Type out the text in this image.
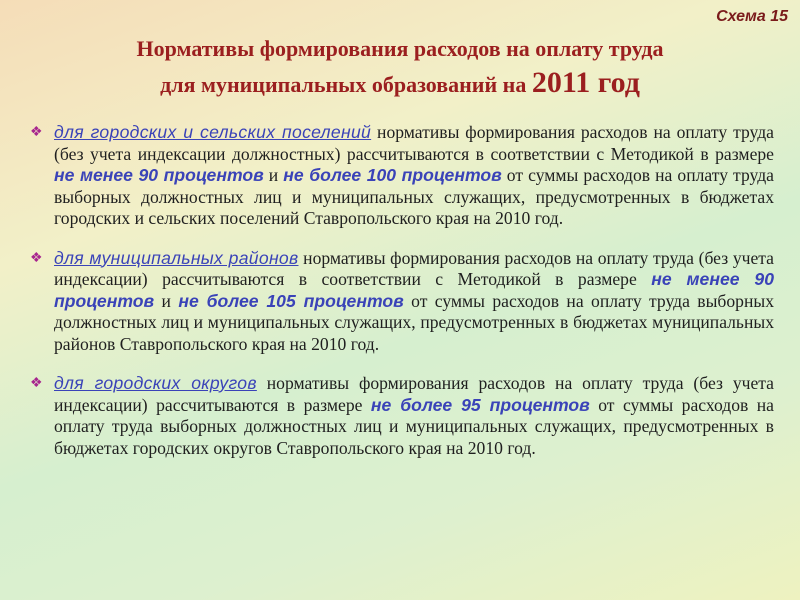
Схема 15
Нормативы формирования расходов на оплату труда
для муниципальных образований на 2011 год
❖ для городских и сельских поселений нормативы формирования расходов на оплату труда (без учета индексации должностных) рассчитываются в соответствии с Методикой в размере не менее 90 процентов и не более 100 процентов от суммы расходов на оплату труда выборных должностных лиц и муниципальных служащих, предусмотренных в бюджетах городских и сельских поселений Ставропольского края на 2010 год.
❖ для муниципальных районов нормативы формирования расходов на оплату труда (без учета индексации) рассчитываются в соответствии с Методикой в размере не менее 90 процентов и не более 105 процентов от суммы расходов на оплату труда выборных должностных лиц и муниципальных служащих, предусмотренных в бюджетах муниципальных районов Ставропольского края на 2010 год.
❖ для городских округов нормативы формирования расходов на оплату труда (без учета индексации) рассчитываются в размере не более 95 процентов от суммы расходов на оплату труда выборных должностных лиц и муниципальных служащих, предусмотренных в бюджетах городских округов Ставропольского края на 2010 год.
